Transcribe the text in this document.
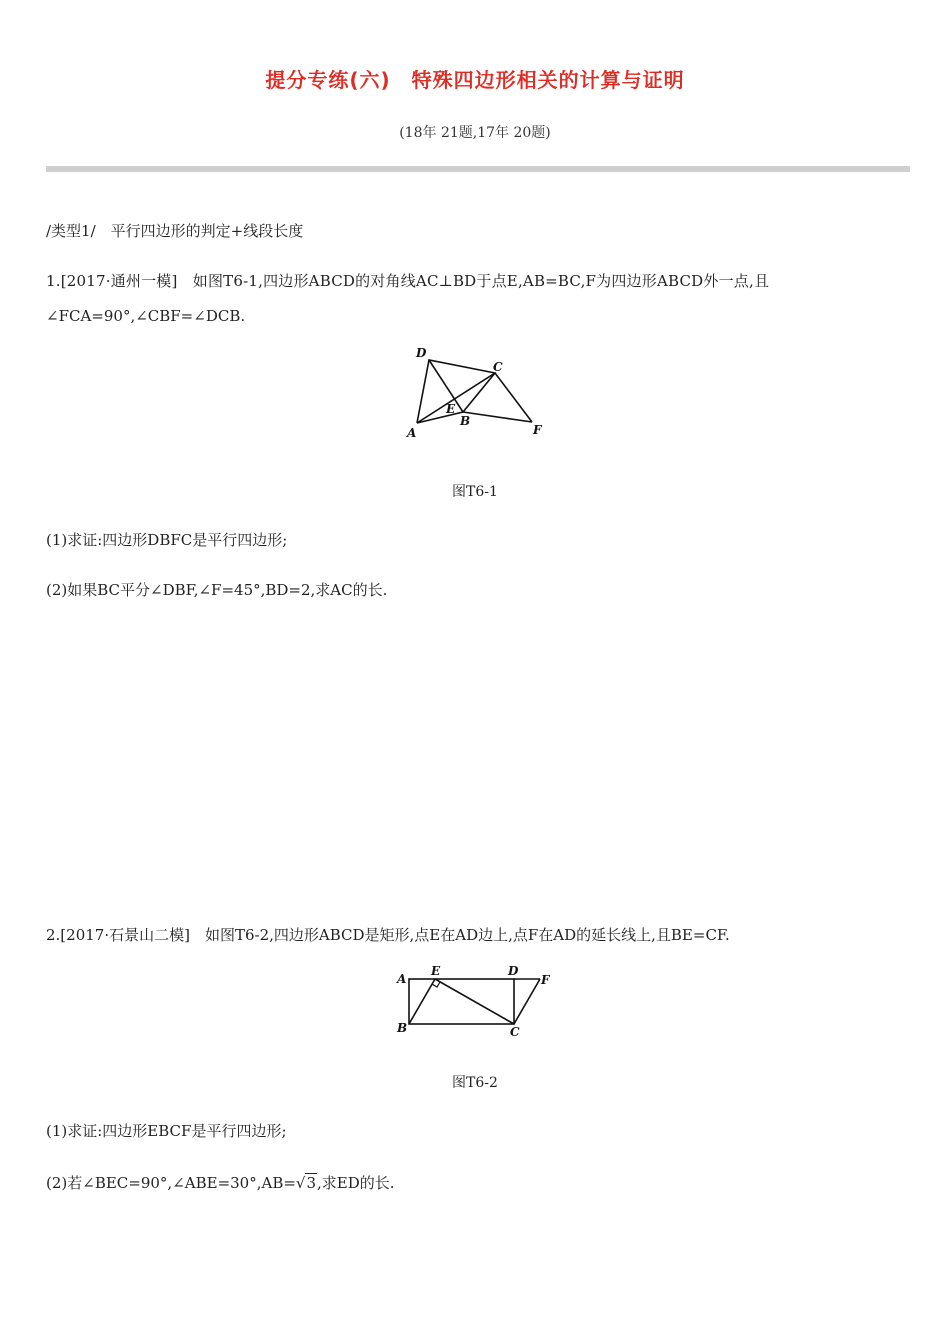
提分专练(六)　特殊四边形相关的计算与证明
(18年 21题,17年 20题)
/类型1/　平行四边形的判定+线段长度
1.[2017·通州一模]　如图T6-1,四边形ABCD的对角线AC⊥BD于点E,AB=BC,F为四边形ABCD外一点,且
∠FCA=90°,∠CBF=∠DCB.
D
C
E
B
A	F
图T6-1
(1)求证:四边形DBFC是平行四边形;
(2)如果BC平分∠DBF,∠F=45°,BD=2,求AC的长.
2.[2017·石景山二模]　如图T6-2,四边形ABCD是矩形,点E在AD边上,点F在AD的延长线上,且BE=CF.
A
E	D
F
B	C
图T6-2
(1)求证:四边形EBCF是平行四边形;
(2)若∠BEC=90°,∠ABE=30°,AB=√3,求ED的长.
